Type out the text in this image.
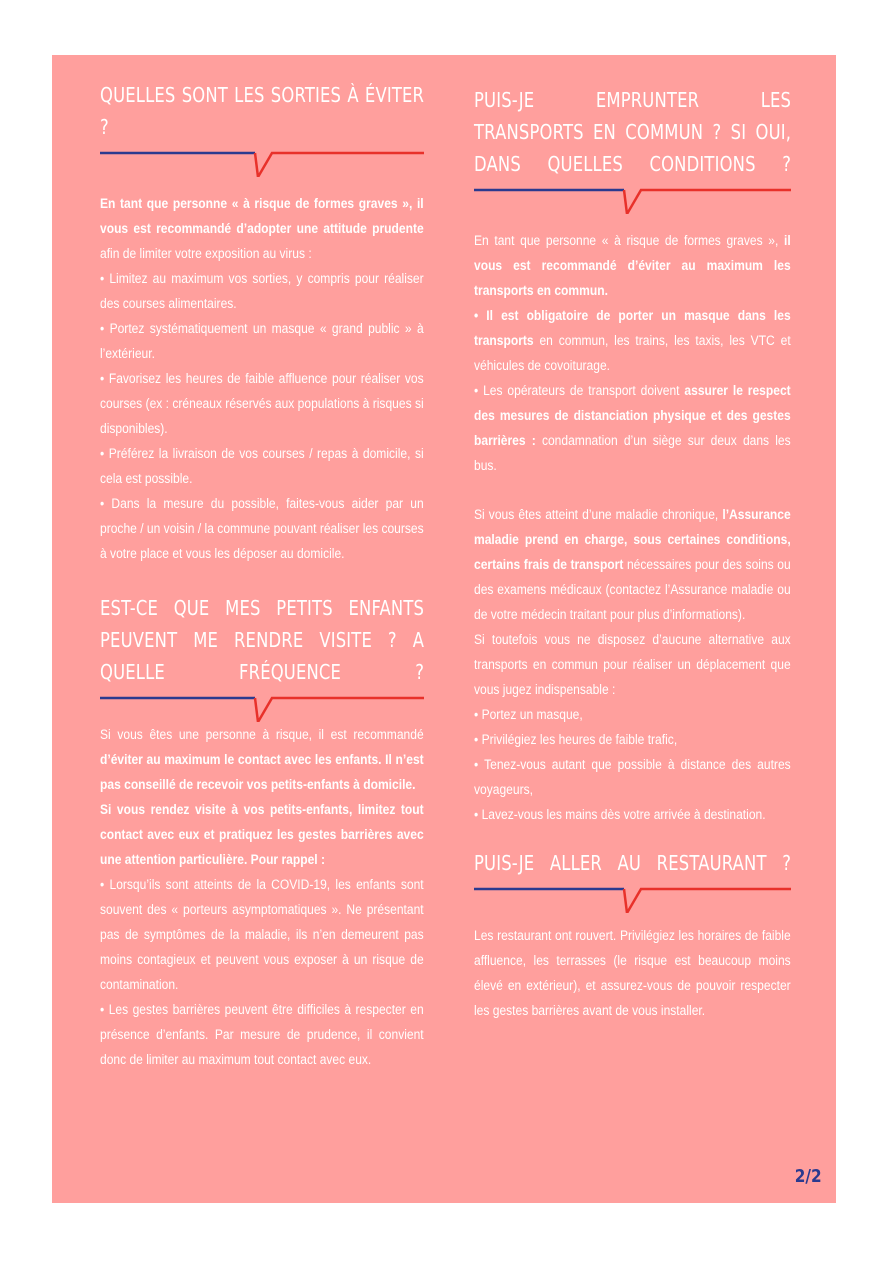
QUELLES SONT LES SORTIES À ÉVITER ?

En tant que personne « à risque de formes graves », il vous est recommandé d’adopter une attitude prudente afin de limiter votre exposition au virus :

• Limitez au maximum vos sorties, y compris pour réaliser des courses alimentaires.

• Portez systématiquement un masque « grand public » à l’extérieur.

• Favorisez les heures de faible affluence pour réaliser vos courses (ex : créneaux réservés aux populations à risques si disponibles).

• Préférez la livraison de vos courses / repas à domicile, si cela est possible.

• Dans la mesure du possible, faites-vous aider par un proche / un voisin / la commune pouvant réaliser les courses à votre place et vous les déposer au domicile.

EST-CE QUE MES PETITS ENFANTS PEUVENT ME RENDRE VISITE ? A QUELLE FRÉQUENCE ?

Si vous êtes une personne à risque, il est recommandé d’éviter au maximum le contact avec les enfants. Il n’est pas conseillé de recevoir vos petits-enfants à domicile.

Si vous rendez visite à vos petits-enfants, limitez tout contact avec eux et pratiquez les gestes barrières avec une attention particulière. Pour rappel :

• Lorsqu’ils sont atteints de la COVID-19, les enfants sont souvent des « porteurs asymptomatiques ». Ne présentant pas de symptômes de la maladie, ils n’en demeurent pas moins contagieux et peuvent vous exposer à un risque de contamination.

• Les gestes barrières peuvent être difficiles à respecter en présence d’enfants. Par mesure de prudence, il convient donc de limiter au maximum tout contact avec eux.

PUIS-JE EMPRUNTER LES TRANSPORTS EN COMMUN ? SI OUI, DANS QUELLES CONDITIONS ?

En tant que personne « à risque de formes graves », il vous est recommandé d’éviter au maximum les transports en commun.

• Il est obligatoire de porter un masque dans les transports en commun, les trains, les taxis, les VTC et véhicules de covoiturage.

• Les opérateurs de transport doivent assurer le respect des mesures de distanciation physique et des gestes barrières : condamnation d’un siège sur deux dans les bus.

Si vous êtes atteint d’une maladie chronique, l’Assurance maladie prend en charge, sous certaines conditions, certains frais de transport nécessaires pour des soins ou des examens médicaux (contactez l’Assurance maladie ou de votre médecin traitant pour plus d’informations).

Si toutefois vous ne disposez d’aucune alternative aux transports en commun pour réaliser un déplacement que vous jugez indispensable :

• Portez un masque,

• Privilégiez les heures de faible trafic,

• Tenez-vous autant que possible à distance des autres voyageurs,

• Lavez-vous les mains dès votre arrivée à destination.

PUIS-JE ALLER AU RESTAURANT ?

Les restaurant ont rouvert. Privilégiez les horaires de faible affluence, les terrasses (le risque est beaucoup moins élevé en extérieur), et assurez-vous de pouvoir respecter les gestes barrières avant de vous installer.

2/2
